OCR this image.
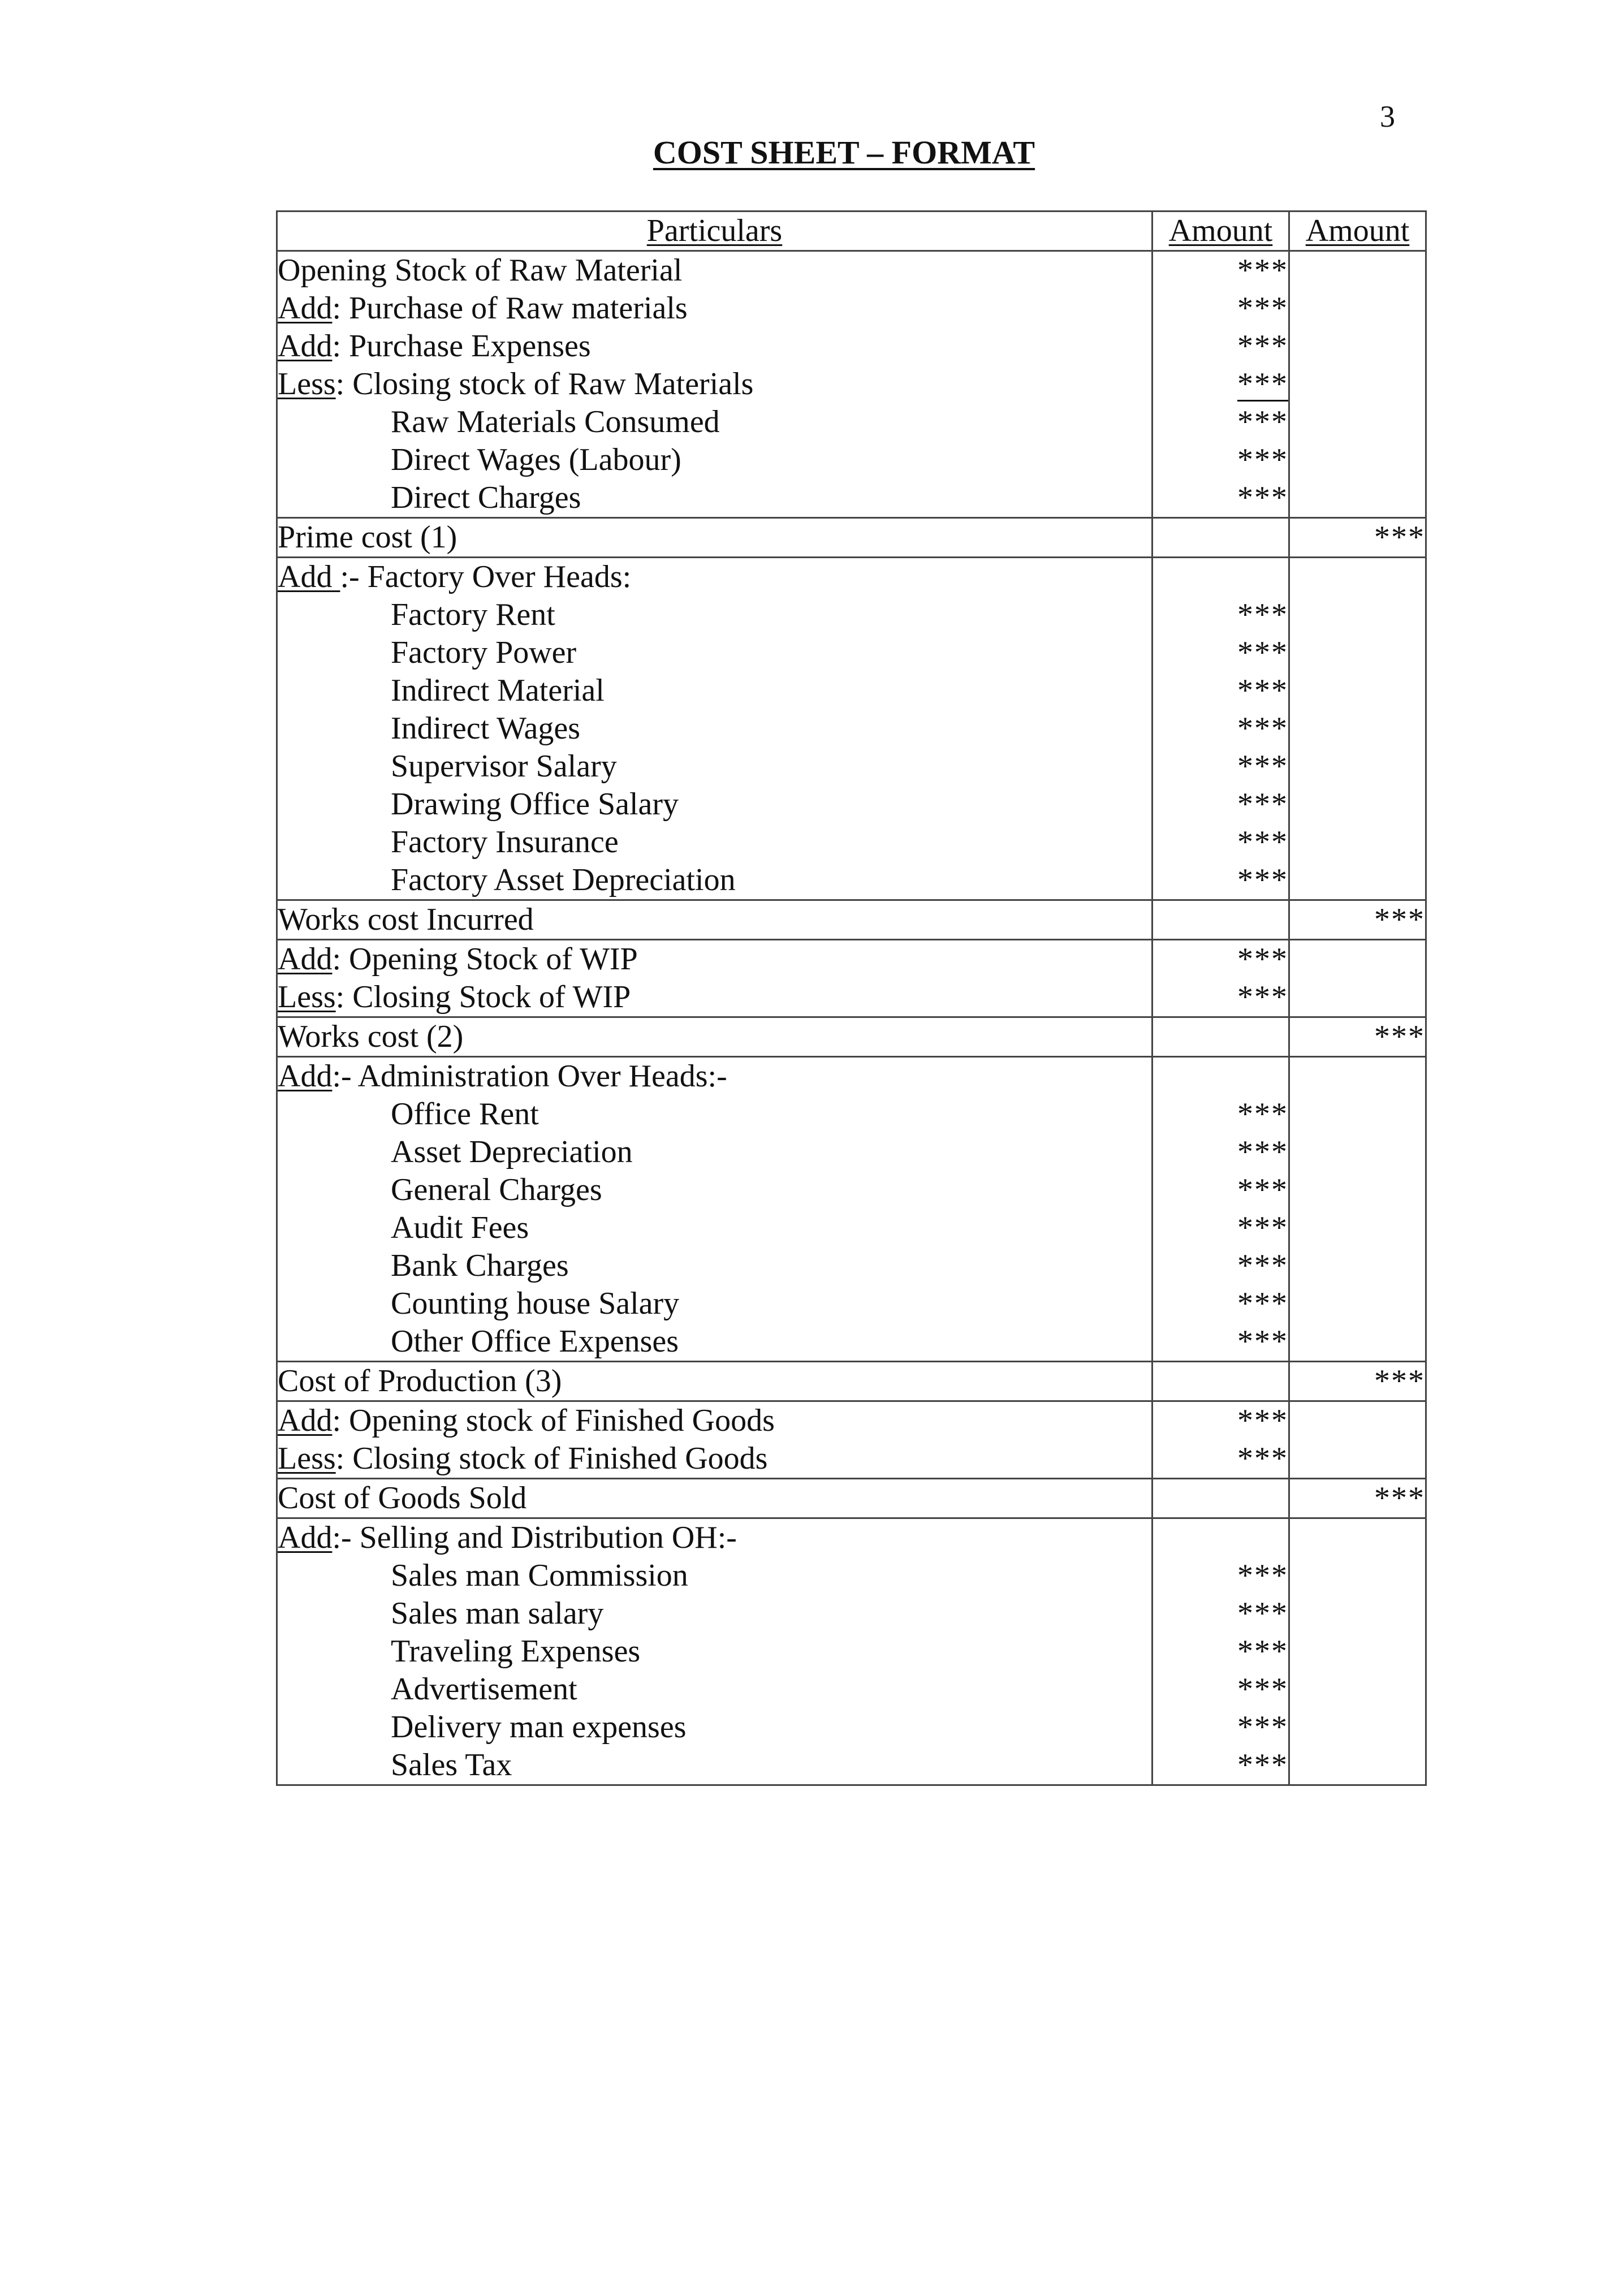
3
COST SHEET – FORMAT
Particulars	Amount	Amount
Opening Stock of Raw Material	***	
Add: Purchase of Raw materials	***	
Add: Purchase Expenses	***	
Less: Closing stock of Raw Materials	***	
Raw Materials Consumed	***	
Direct Wages (Labour)	***	
Direct Charges	***	
Prime cost (1)		***
Add :- Factory Over Heads:		
Factory Rent	***	
Factory Power	***	
Indirect Material	***	
Indirect Wages	***	
Supervisor Salary	***	
Drawing Office Salary	***	
Factory Insurance	***	
Factory Asset Depreciation	***	
Works cost Incurred		***
Add: Opening Stock of WIP	***	
Less: Closing Stock of WIP	***	
Works cost (2)		***
Add:- Administration Over Heads:-		
Office Rent	***	
Asset Depreciation	***	
General Charges	***	
Audit Fees	***	
Bank Charges	***	
Counting house Salary	***	
Other Office Expenses	***	
Cost of Production (3)		***
Add: Opening stock of Finished Goods	***	
Less: Closing stock of Finished Goods	***	
Cost of Goods Sold		***
Add:- Selling and Distribution OH:-		
Sales man Commission	***	
Sales man salary	***	
Traveling Expenses	***	
Advertisement	***	
Delivery man expenses	***	
Sales Tax	***	
